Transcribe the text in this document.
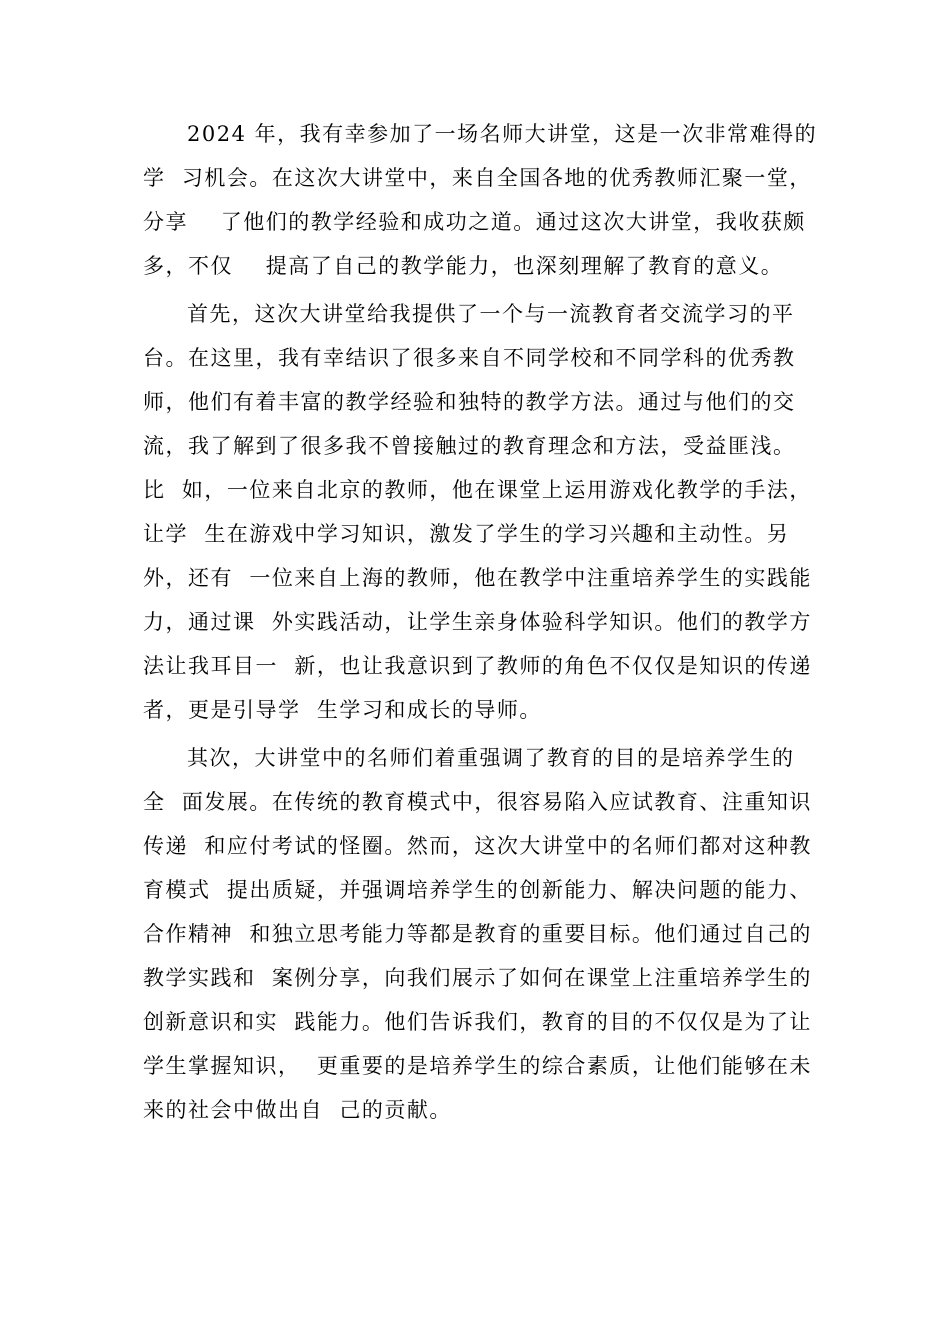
2024 年，我有幸参加了一场名师大讲堂，这是一次非常难得的
学  习机会。在这次大讲堂中，来自全国各地的优秀教师汇聚一堂，
分享    了他们的教学经验和成功之道。通过这次大讲堂，我收获颇
多，不仅    提高了自己的教学能力，也深刻理解了教育的意义。
首先，这次大讲堂给我提供了一个与一流教育者交流学习的平
台。在这里，我有幸结识了很多来自不同学校和不同学科的优秀教
师，他们有着丰富的教学经验和独特的教学方法。通过与他们的交
流，我了解到了很多我不曾接触过的教育理念和方法，受益匪浅。
比  如，一位来自北京的教师，他在课堂上运用游戏化教学的手法，
让学  生在游戏中学习知识，激发了学生的学习兴趣和主动性。另
外，还有  一位来自上海的教师，他在教学中注重培养学生的实践能
力，通过课  外实践活动，让学生亲身体验科学知识。他们的教学方
法让我耳目一  新，也让我意识到了教师的角色不仅仅是知识的传递
者，更是引导学  生学习和成长的导师。
其次，大讲堂中的名师们着重强调了教育的目的是培养学生的
全  面发展。在传统的教育模式中，很容易陷入应试教育、注重知识
传递  和应付考试的怪圈。然而，这次大讲堂中的名师们都对这种教
育模式  提出质疑，并强调培养学生的创新能力、解决问题的能力、
合作精神  和独立思考能力等都是教育的重要目标。他们通过自己的
教学实践和  案例分享，向我们展示了如何在课堂上注重培养学生的
创新意识和实  践能力。他们告诉我们，教育的目的不仅仅是为了让
学生掌握知识，  更重要的是培养学生的综合素质，让他们能够在未
来的社会中做出自  己的贡献。
